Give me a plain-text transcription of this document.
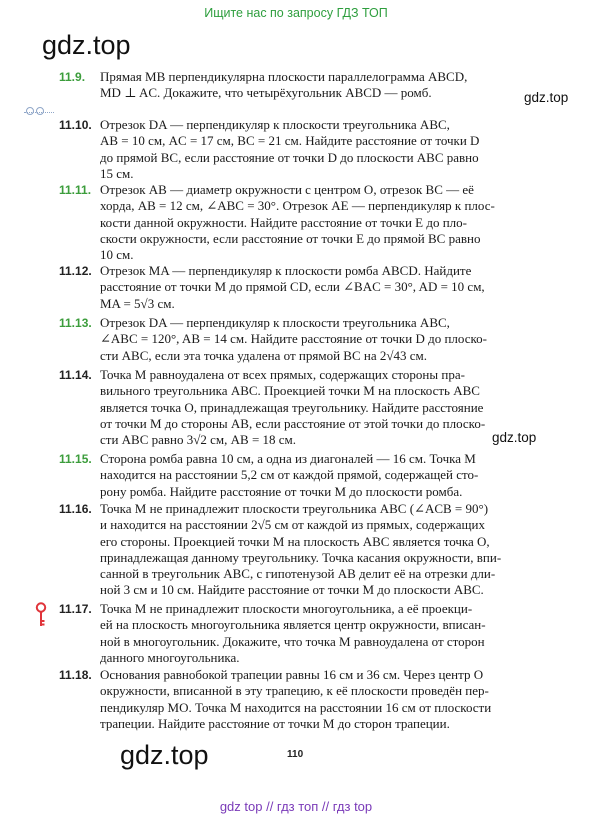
Ищите нас по запросу ГДЗ ТОП
gdz.top
gdz.top
gdz.top
gdz.top
11.9. Прямая MB перпендикулярна плоскости параллелограмма ABCD,
MD ⊥ AC. Докажите, что четырёхугольник ABCD — ромб.
11.10. Отрезок DA — перпендикуляр к плоскости треугольника ABC,
AB = 10 см, AC = 17 см, BC = 21 см. Найдите расстояние от точки D
до прямой BC, если расстояние от точки D до плоскости ABC равно
15 см.
11.11. Отрезок AB — диаметр окружности с центром O, отрезок BC — её
хорда, AB = 12 см, ∠ABC = 30°. Отрезок AE — перпендикуляр к плос-
кости данной окружности. Найдите расстояние от точки E до пло-
скости окружности, если расстояние от точки E до прямой BC равно
10 см.
11.12. Отрезок MA — перпендикуляр к плоскости ромба ABCD. Найдите
расстояние от точки M до прямой CD, если ∠BAC = 30°, AD = 10 см,
MA = 5√3 см.
11.13. Отрезок DA — перпендикуляр к плоскости треугольника ABC,
∠ABC = 120°, AB = 14 см. Найдите расстояние от точки D до плоско-
сти ABC, если эта точка удалена от прямой BC на 2√43 см.
11.14. Точка M равноудалена от всех прямых, содержащих стороны пра-
вильного треугольника ABC. Проекцией точки M на плоскость ABC
является точка O, принадлежащая треугольнику. Найдите расстояние
от точки M до стороны AB, если расстояние от этой точки до плоско-
сти ABC равно 3√2 см, AB = 18 см.
11.15. Сторона ромба равна 10 см, а одна из диагоналей — 16 см. Точка M
находится на расстоянии 5,2 см от каждой прямой, содержащей сто-
рону ромба. Найдите расстояние от точки M до плоскости ромба.
11.16. Точка M не принадлежит плоскости треугольника ABC (∠ACB = 90°)
и находится на расстоянии 2√5 см от каждой из прямых, содержащих
его стороны. Проекцией точки M на плоскость ABC является точка O,
принадлежащая данному треугольнику. Точка касания окружности, впи-
санной в треугольник ABC, с гипотенузой AB делит её на отрезки дли-
ной 3 см и 10 см. Найдите расстояние от точки M до плоскости ABC.
11.17. Точка M не принадлежит плоскости многоугольника, а её проекци-
ей на плоскость многоугольника является центр окружности, вписан-
ной в многоугольник. Докажите, что точка M равноудалена от сторон
данного многоугольника.
11.18. Основания равнобокой трапеции равны 16 см и 36 см. Через центр O
окружности, вписанной в эту трапецию, к её плоскости проведён пер-
пендикуляр MO. Точка M находится на расстоянии 16 см от плоскости
трапеции. Найдите расстояние от точки M до сторон трапеции.
110
gdz top // гдз топ // гдз top
